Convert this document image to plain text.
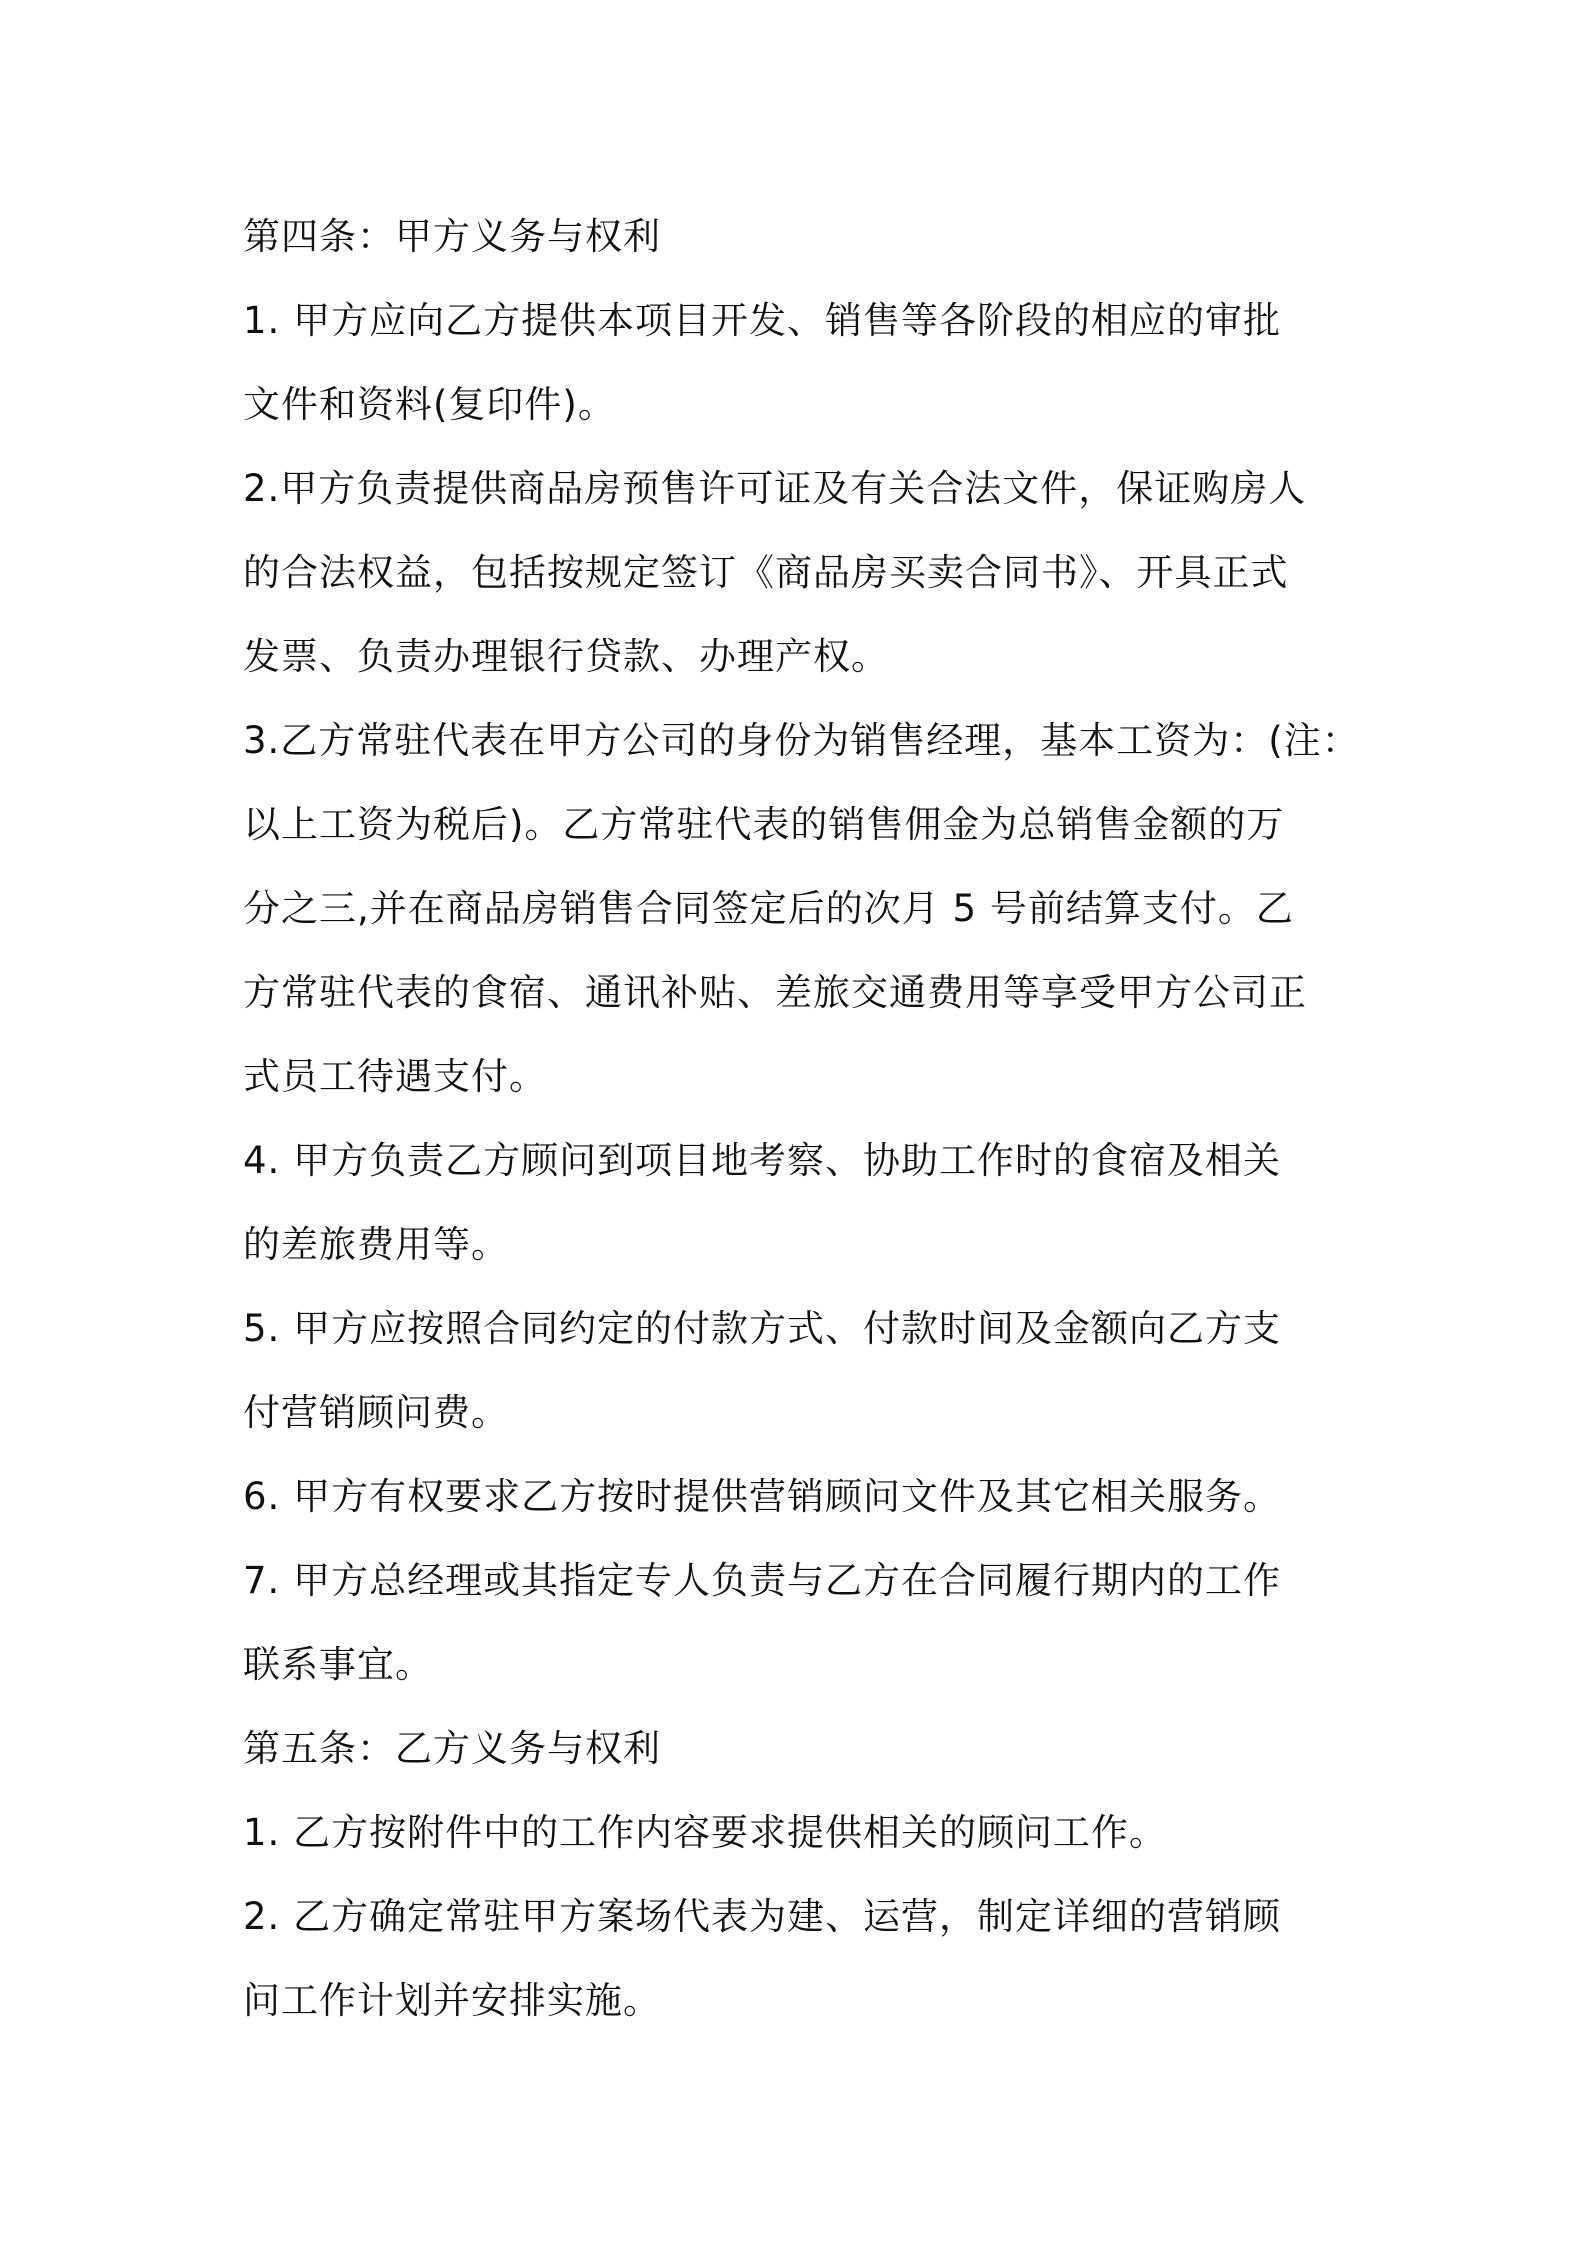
第四条：甲方义务与权利
1. 甲方应向乙方提供本项目开发、销售等各阶段的相应的审批
文件和资料(复印件)。
2.甲方负责提供商品房预售许可证及有关合法文件，保证购房人
的合法权益，包括按规定签订《商品房买卖合同书》、开具正式
发票、负责办理银行贷款、办理产权。
3.乙方常驻代表在甲方公司的身份为销售经理，基本工资为：(注：
以上工资为税后)。乙方常驻代表的销售佣金为总销售金额的万
分之三,并在商品房销售合同签定后的次月 5 号前结算支付。乙
方常驻代表的食宿、通讯补贴、差旅交通费用等享受甲方公司正
式员工待遇支付。
4. 甲方负责乙方顾问到项目地考察、协助工作时的食宿及相关
的差旅费用等。
5. 甲方应按照合同约定的付款方式、付款时间及金额向乙方支
付营销顾问费。
6. 甲方有权要求乙方按时提供营销顾问文件及其它相关服务。
7. 甲方总经理或其指定专人负责与乙方在合同履行期内的工作
联系事宜。
第五条：乙方义务与权利
1. 乙方按附件中的工作内容要求提供相关的顾问工作。
2. 乙方确定常驻甲方案场代表为建、运营，制定详细的营销顾
问工作计划并安排实施。
